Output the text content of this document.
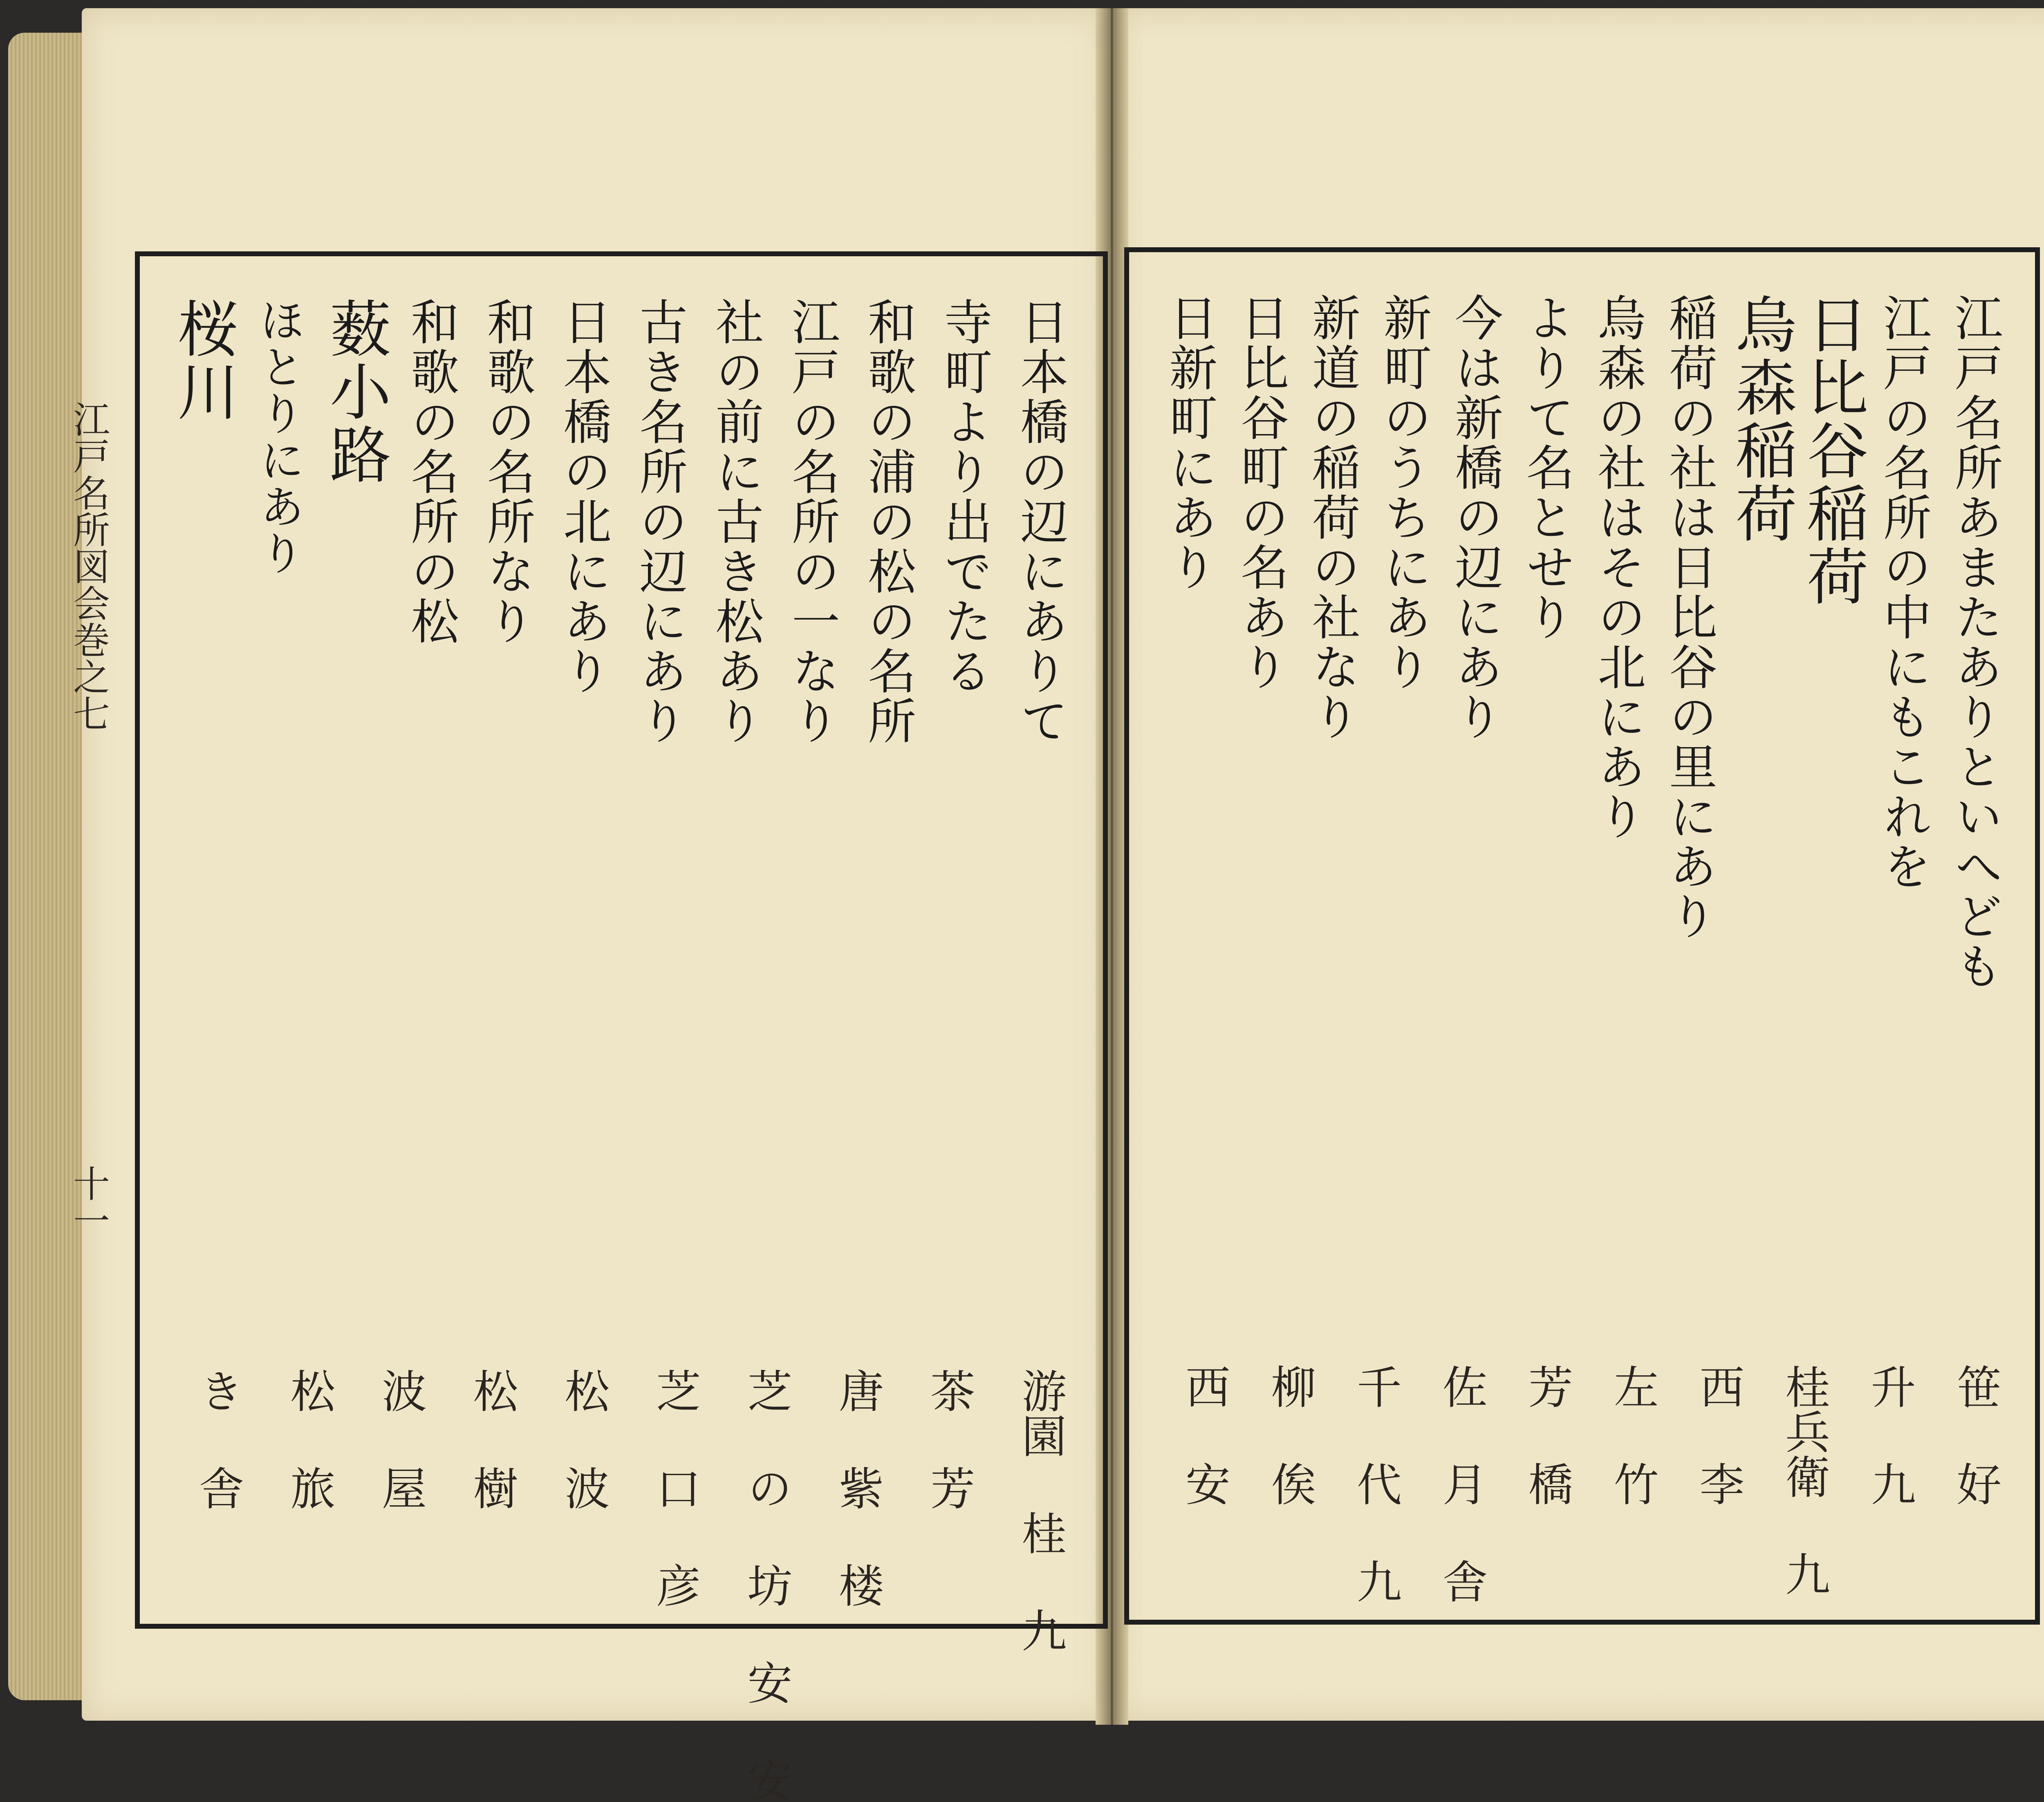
江戸名所図会巻之七
十一
江戸名所あまたありといへども
江戸の名所の中にもこれを
日比谷稲荷
烏森稲荷
稲荷の社は日比谷の里にあり
烏森の社はその北にあり
よりて名とせり
今は新橋の辺にあり
新町のうちにあり
新道の稲荷の社なり
日比谷町の名あり
日新町にあり
笹 好
升 九
桂兵衛 九
西 李
左 竹
芳 橋
佐 月 舎
千 代 九
柳 俟
西 安
日本橋の辺にありて
寺町より出でたる
和歌の浦の松の名所
江戸の名所の一なり
社の前に古き松あり
古き名所の辺にあり
日本橋の北にあり
和歌の名所なり
和歌の名所の松
薮小路
ほとりにあり
桜川
游園 桂 九
茶 芳
唐 紫 楼
芝 の 坊 安 安
芝 口 彦
松 波
松 樹
波 屋
松 旅
き 舎
